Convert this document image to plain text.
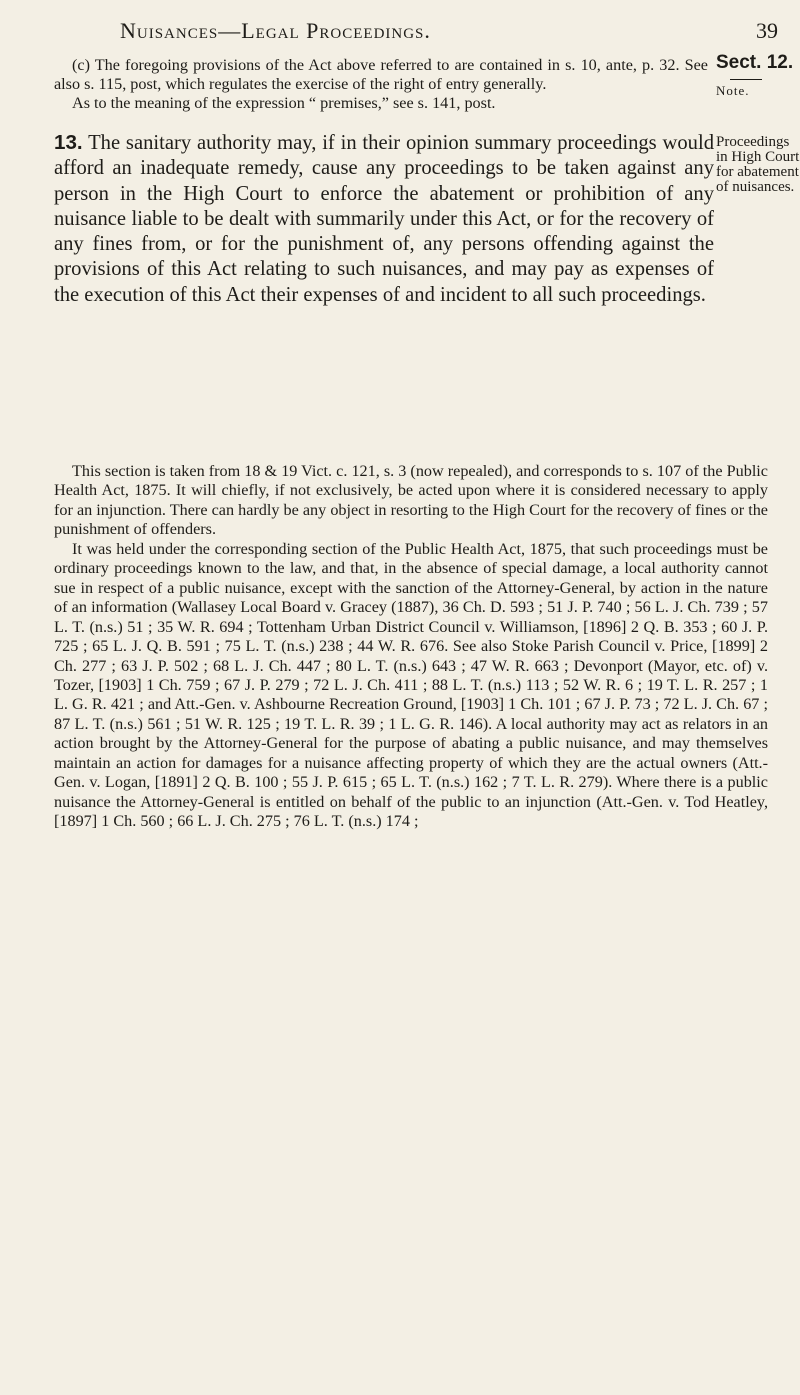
Nuisances—Legal Proceedings.	39
Sect. 12.
Note.

(c) The foregoing provisions of the Act above referred to are contained in s. 10, ante, p. 32. See also s. 115, post, which regulates the exercise of the right of entry generally.

As to the meaning of the expression “ premises,” see s. 141, post.

Proceedings in High Court for abatement of nuisances.

13. The sanitary authority may, if in their opinion summary proceedings would afford an inadequate remedy, cause any proceedings to be taken against any person in the High Court to enforce the abatement or prohibition of any nuisance liable to be dealt with summarily under this Act, or for the recovery of any fines from, or for the punishment of, any persons offending against the provisions of this Act relating to such nuisances, and may pay as expenses of the execution of this Act their expenses of and incident to all such proceedings.

This section is taken from 18 & 19 Vict. c. 121, s. 3 (now repealed), and corresponds to s. 107 of the Public Health Act, 1875. It will chiefly, if not exclusively, be acted upon where it is considered necessary to apply for an injunction. There can hardly be any object in resorting to the High Court for the recovery of fines or the punishment of offenders.

It was held under the corresponding section of the Public Health Act, 1875, that such proceedings must be ordinary proceedings known to the law, and that, in the absence of special damage, a local authority cannot sue in respect of a public nuisance, except with the sanction of the Attorney-General, by action in the nature of an information (Wallasey Local Board v. Gracey (1887), 36 Ch. D. 593 ; 51 J. P. 740 ; 56 L. J. Ch. 739 ; 57 L. T. (n.s.) 51 ; 35 W. R. 694 ; Tottenham Urban District Council v. Williamson, [1896] 2 Q. B. 353 ; 60 J. P. 725 ; 65 L. J. Q. B. 591 ; 75 L. T. (n.s.) 238 ; 44 W. R. 676. See also Stoke Parish Council v. Price, [1899] 2 Ch. 277 ; 63 J. P. 502 ; 68 L. J. Ch. 447 ; 80 L. T. (n.s.) 643 ; 47 W. R. 663 ; Devonport (Mayor, etc. of) v. Tozer, [1903] 1 Ch. 759 ; 67 J. P. 279 ; 72 L. J. Ch. 411 ; 88 L. T. (n.s.) 113 ; 52 W. R. 6 ; 19 T. L. R. 257 ; 1 L. G. R. 421 ; and Att.-Gen. v. Ashbourne Recreation Ground, [1903] 1 Ch. 101 ; 67 J. P. 73 ; 72 L. J. Ch. 67 ; 87 L. T. (n.s.) 561 ; 51 W. R. 125 ; 19 T. L. R. 39 ; 1 L. G. R. 146). A local authority may act as relators in an action brought by the Attorney-General for the purpose of abating a public nuisance, and may themselves maintain an action for damages for a nuisance affecting property of which they are the actual owners (Att.-Gen. v. Logan, [1891] 2 Q. B. 100 ; 55 J. P. 615 ; 65 L. T. (n.s.) 162 ; 7 T. L. R. 279). Where there is a public nuisance the Attorney-General is entitled on behalf of the public to an injunction (Att.-Gen. v. Tod Heatley, [1897] 1 Ch. 560 ; 66 L. J. Ch. 275 ; 76 L. T. (n.s.) 174 ;
